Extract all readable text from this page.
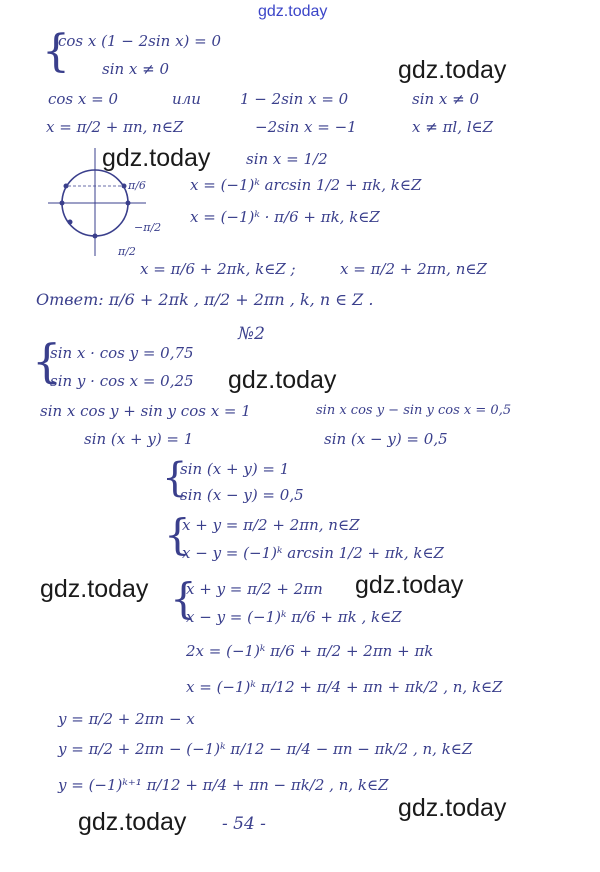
gdz.today
gdz.today
gdz.today
gdz.today
gdz.today	gdz.today
gdz.today
gdz.today - 54 -
{
cos x (1 − 2sin x) = 0
sin x ≠ 0
cos x = 0	или	1 − 2sin x = 0	sin x ≠ 0
x = π/2 + πn, n∈Z	−2sin x = −1	x ≠ πl, l∈Z
sin x = 1/2
π/6
−π/2
π/2
x = (−1)ᵏ arcsin 1/2 + πk, k∈Z
x = (−1)ᵏ · π/6 + πk, k∈Z
x = π/6 + 2πk, k∈Z ;	x = π/2 + 2πn, n∈Z
Ответ: π/6 + 2πk , π/2 + 2πn , k, n ∈ Z .
№2
{
sin x · cos y = 0,75
sin y · cos x = 0,25
sin x cos y + sin y cos x = 1	sin x cos y − sin y cos x = 0,5
sin (x + y) = 1	sin (x − y) = 0,5
{
sin (x + y) = 1
sin (x − y) = 0,5
{
x + y = π/2 + 2πn, n∈Z
x − y = (−1)ᵏ arcsin 1/2 + πk, k∈Z
{
x + y = π/2 + 2πn
x − y = (−1)ᵏ π/6 + πk , k∈Z
2x = (−1)ᵏ π/6 + π/2 + 2πn + πk
x = (−1)ᵏ π/12 + π/4 + πn + πk/2 , n, k∈Z
y = π/2 + 2πn − x
y = π/2 + 2πn − (−1)ᵏ π/12 − π/4 − πn − πk/2 , n, k∈Z
y = (−1)ᵏ⁺¹ π/12 + π/4 + πn − πk/2 , n, k∈Z
